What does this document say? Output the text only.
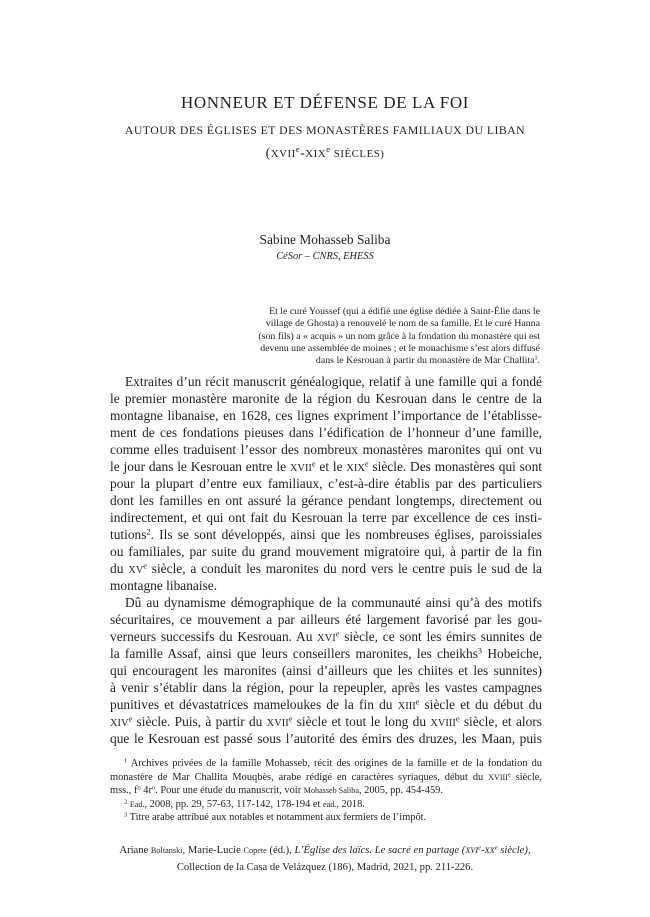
HONNEUR ET DÉFENSE DE LA FOI
AUTOUR DES ÉGLISES ET DES MONASTÈRES FAMILIAUX DU LIBAN
(XVIIe-XIXe SIÈCLES)
Sabine Mohasseb Saliba
CéSor – CNRS, EHESS
Et le curé Youssef (qui a édifié une église dédiée à Saint-Élie dans le
village de Ghosta) a renouvelé le nom de sa famille. Et le curé Hanna
(son fils) a « acquis » un nom grâce à la fondation du monastère qui est
devenu une assemblée de moines ; et le monachisme s’est alors diffusé
dans le Kesrouan à partir du monastère de Mar Challita$^1$.
Extraites d’un récit manuscrit généalogique, relatif à une famille qui a fondé
le premier monastère maronite de la région du Kesrouan dans le centre de la
montagne libanaise, en 1628, ces lignes expriment l’importance de l’établisse-
ment de ces fondations pieuses dans l’édification de l’honneur d’une famille,
comme elles traduisent l’essor des nombreux monastères maronites qui ont vu
le jour dans le Kesrouan entre le XVIIe et le XIXe siècle. Des monastères qui sont
pour la plupart d’entre eux familiaux, c’est-à-dire établis par des particuliers
dont les familles en ont assuré la gérance pendant longtemps, directement ou
indirectement, et qui ont fait du Kesrouan la terre par excellence de ces insti-
tutions$^2$. Ils se sont développés, ainsi que les nombreuses églises, paroissiales
ou familiales, par suite du grand mouvement migratoire qui, à partir de la fin
du XVe siècle, a conduit les maronites du nord vers le centre puis le sud de la
montagne libanaise.
Dû au dynamisme démographique de la communauté ainsi qu’à des motifs
sécuritaires, ce mouvement a par ailleurs été largement favorisé par les gou-
verneurs successifs du Kesrouan. Au XVIe siècle, ce sont les émirs sunnites de
la famille Assaf, ainsi que leurs conseillers maronites, les cheikhs$^3$ Hobeiche,
qui encouragent les maronites (ainsi d’ailleurs que les chiites et les sunnites)
à venir s’établir dans la région, pour la repeupler, après les vastes campagnes
punitives et dévastatrices mameloukes de la fin du XIIIe siècle et du début du
XIVe siècle. Puis, à partir du XVIIe siècle et tout le long du XVIIIe siècle, et alors
que le Kesrouan est passé sous l’autorité des émirs des druzes, les Maan, puis
$^1$ Archives privées de la famille Mohasseb, récit des origines de la famille et de la fondation du
monastère de Mar Challita Mouqbès, arabe rédigé en caractères syriaques, début du XVIIIe siècle,
mss., $f^o$ $4r^o$. Pour une étude du manuscrit, voir Mohasseb Saliba, 2005, pp. 454-459.
$^2$ Ead., 2008, pp. 29, 57-63, 117-142, 178-194 et ead., 2018.
$^3$ Titre arabe attribué aux notables et notamment aux fermiers de l’impôt.
Ariane Boltanski, Marie-Lucie Copete (éd.), L’Église des laïcs. Le sacré en partage (XVIe-XXe siècle),
Collection de la Casa de Velázquez (186), Madrid, 2021, pp. 211-226.
